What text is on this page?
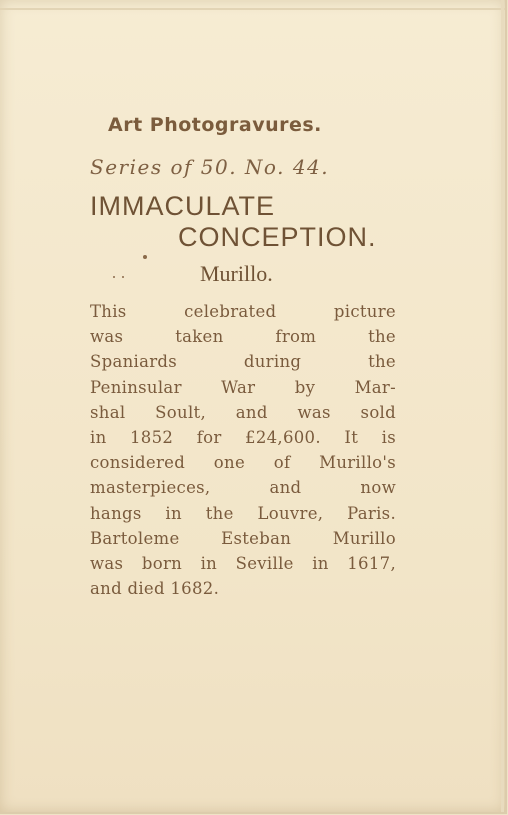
Art Photogravures.
Series of 50. No. 44.
IMMACULATE
CONCEPTION.
Murillo.
This celebrated picture
was taken from the
Spaniards during the
Peninsular War by Mar-
shal Soult, and was sold
in 1852 for £24,600. It is
considered one of Murillo's
masterpieces, and now
hangs in the Louvre, Paris.
Bartoleme Esteban Murillo
was born in Seville in 1617,
and died 1682.
